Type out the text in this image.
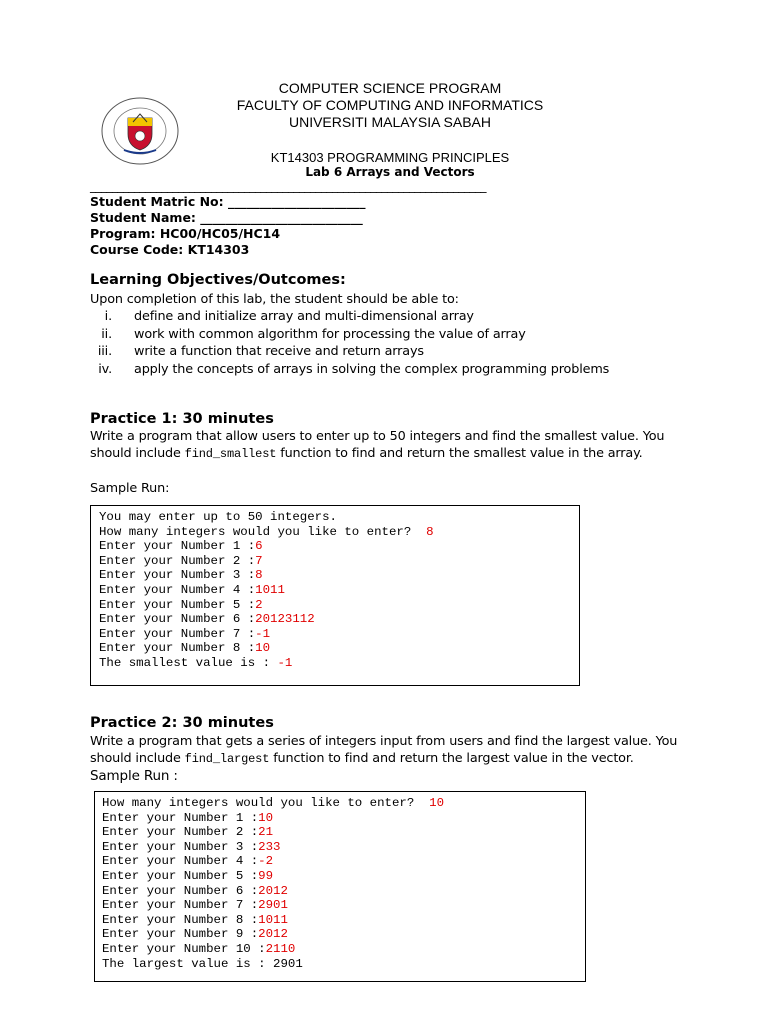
COMPUTER SCIENCE PROGRAM
FACULTY OF COMPUTING AND INFORMATICS
UNIVERSITI MALAYSIA SABAH
KT14303 PROGRAMMING PRINCIPLES
Lab 6 Arrays and Vectors
________________________________________________________________________
Student Matric No: ______________________
Student Name: __________________________
Program: HC00/HC05/HC14
Course Code: KT14303
Learning Objectives/Outcomes:
Upon completion of this lab, the student should be able to:
i. define and initialize array and multi-dimensional array
ii. work with common algorithm for processing the value of array
iii. write a function that receive and return arrays
iv. apply the concepts of arrays in solving the complex programming problems
Practice 1: 30 minutes
Write a program that allow users to enter up to 50 integers and find the smallest value. You
should include find_smallest function to find and return the smallest value in the array.
Sample Run:
You may enter up to 50 integers.
How many integers would you like to enter?  8
Enter your Number 1 :6
Enter your Number 2 :7
Enter your Number 3 :8
Enter your Number 4 :1011
Enter your Number 5 :2
Enter your Number 6 :20123112
Enter your Number 7 :-1
Enter your Number 8 :10
The smallest value is : -1
Practice 2: 30 minutes
Write a program that gets a series of integers input from users and find the largest value. You
should include find_largest function to find and return the largest value in the vector.
Sample Run :
How many integers would you like to enter?  10
Enter your Number 1 :10
Enter your Number 2 :21
Enter your Number 3 :233
Enter your Number 4 :-2
Enter your Number 5 :99
Enter your Number 6 :2012
Enter your Number 7 :2901
Enter your Number 8 :1011
Enter your Number 9 :2012
Enter your Number 10 :2110
The largest value is : 2901
